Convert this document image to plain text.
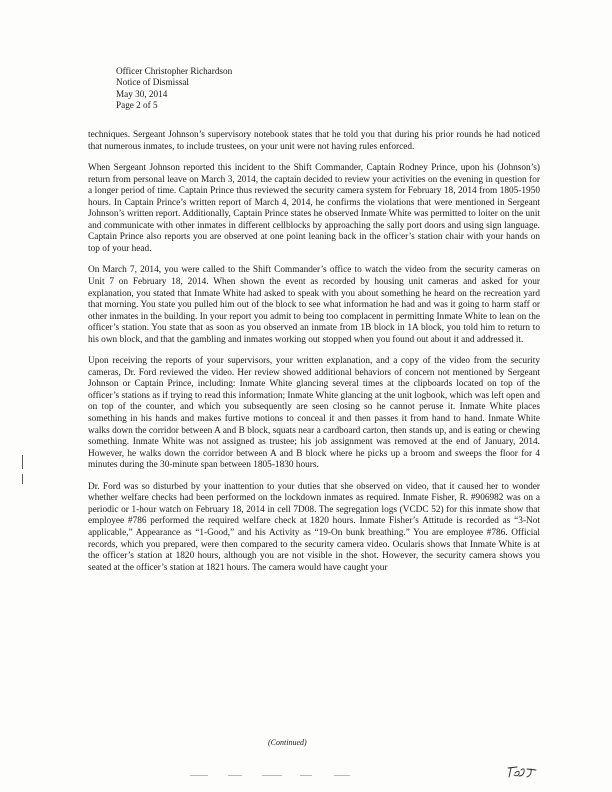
Officer Christopher Richardson
Notice of Dismissal
May 30, 2014
Page 2 of 5

techniques. Sergeant Johnson’s supervisory notebook states that he told you that during his prior rounds he had noticed that numerous inmates, to include trustees, on your unit were not having rules enforced.

When Sergeant Johnson reported this incident to the Shift Commander, Captain Rodney Prince, upon his (Johnson’s) return from personal leave on March 3, 2014, the captain decided to review your activities on the evening in question for a longer period of time. Captain Prince thus reviewed the security camera system for February 18, 2014 from 1805-1950 hours. In Captain Prince’s written report of March 4, 2014, he confirms the violations that were mentioned in Sergeant Johnson’s written report. Additionally, Captain Prince states he observed Inmate White was permitted to loiter on the unit and communicate with other inmates in different cellblocks by approaching the sally port doors and using sign language. Captain Prince also reports you are observed at one point leaning back in the officer’s station chair with your hands on top of your head.

On March 7, 2014, you were called to the Shift Commander’s office to watch the video from the security cameras on Unit 7 on February 18, 2014. When shown the event as recorded by housing unit cameras and asked for your explanation, you stated that Inmate White had asked to speak with you about something he heard on the recreation yard that morning. You state you pulled him out of the block to see what information he had and was it going to harm staff or other inmates in the building. In your report you admit to being too complacent in permitting Inmate White to lean on the officer’s station. You state that as soon as you observed an inmate from 1B block in 1A block, you told him to return to his own block, and that the gambling and inmates working out stopped when you found out about it and addressed it.

Upon receiving the reports of your supervisors, your written explanation, and a copy of the video from the security cameras, Dr. Ford reviewed the video. Her review showed additional behaviors of concern not mentioned by Sergeant Johnson or Captain Prince, including: Inmate White glancing several times at the clipboards located on top of the officer’s stations as if trying to read this information; Inmate White glancing at the unit logbook, which was left open and on top of the counter, and which you subsequently are seen closing so he cannot peruse it. Inmate White places something in his hands and makes furtive motions to conceal it and then passes it from hand to hand. Inmate White walks down the corridor between A and B block, squats near a cardboard carton, then stands up, and is eating or chewing something. Inmate White was not assigned as trustee; his job assignment was removed at the end of January, 2014. However, he walks down the corridor between A and B block where he picks up a broom and sweeps the floor for 4 minutes during the 30-minute span between 1805-1830 hours.

Dr. Ford was so disturbed by your inattention to your duties that she observed on video, that it caused her to wonder whether welfare checks had been performed on the lockdown inmates as required. Inmate Fisher, R. #906982 was on a periodic or 1-hour watch on February 18, 2014 in cell 7D08. The segregation logs (VCDC 52) for this inmate show that employee #786 performed the required welfare check at 1820 hours. Inmate Fisher’s Attitude is recorded as “3-Not applicable,” Appearance as “1-Good,” and his Activity as “19-On bunk breathing.” You are employee #786. Official records, which you prepared, were then compared to the security camera video. Ocularis shows that Inmate White is at the officer’s station at 1820 hours, although you are not visible in the shot. However, the security camera shows you seated at the officer’s station at 1821 hours. The camera would have caught your

(Continued)
